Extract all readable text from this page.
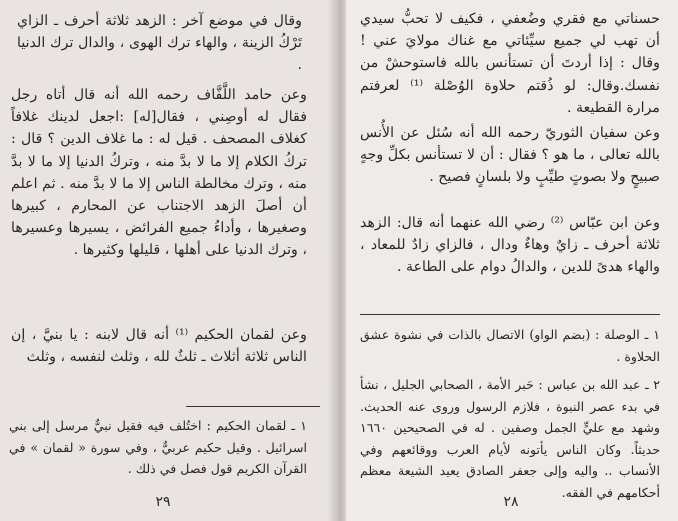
وقال في موضع آخر : الزهد ثلاثة أحرف ـ الزاي تَرْكُ الزينة ، والهاء ترك الهوى ، والدال ترك الدنيا .

وعن حامد اللَّفَّاف رحمه الله أنه قال أتاه رجل فقال له أوصِني ، فقال[له] :اجعل لدينك غلافاً كغلاف المصحف . قيل له : ما غلاف الدين ؟ قال : تركُ الكلام إلا ما لا بدَّ منه ، وتركُ الدنيا إلا ما لا بدَّ منه ، وترك مخالطة الناس إلا ما لا بدَّ منه . ثم اعلم أن أصلَ الزهد الاجتناب عن المحارم ، كبيرها وصغيرها ، وأداءُ جميع الفرائض ، يسيرها وعسيرها ، وترك الدنيا على أهلها ، قليلها وكثيرها .

وعن لقمان الحكيم ⁽¹⁾ أنه قال لابنه : يا بنيَّ ، إن الناس ثلاثة أثلاث ـ ثلثٌ لله ، وثلث لنفسه ، وثلث

١ ـ لقمان الحكيم : اختُلف فيه فقيل نبيٌّ مرسل إلى بني اسرائيل . وقيل حكيم عربيٌّ ، وفي سورة « لقمان » في القرآن الكريم قول فصل في ذلك .

٢٩

حسناتي مع فقري وضُعفي ، فكيف لا تحبُّ سيدي أن تهب لي جميع سيِّئاتي مع غناك مولايَ عني ! وقال : إذا أردتَ أن تستأنس بالله فاستوحشْ من نفسك.وقال: لو ذُقتم حلاوة الوُصْلة ⁽¹⁾ لعرفتم مرارة القطيعة .

وعن سفيان الثوريّ رحمه الله أنه سُئل عن الأُنس بالله تعالى ، ما هو ؟ فقال : أن لا تستأنس بكلِّ وجهٍ صبيحٍ ولا بصوتٍ طيِّبٍ ولا بلسانٍ فصيح .

وعن ابن عبّاس ⁽²⁾ رضي الله عنهما أنه قال: الزهد ثلاثة أحرف ـ زايٌ وهاءٌ ودال ، فالزاي زادٌ للمعاد ، والهاء هدىً للدين ، والدالُ دوام على الطاعة .

١ ـ الوصلة : (بضم الواو) الاتصال بالذات في نشوة عشق الحلاوة .

٢ ـ عبد الله بن عباس : حَبر الأمة ، الصحابي الجليل ، نشأ في بدء عصر النبوة ، فلازم الرسول وروى عنه الحديث. وشهد مع عليٍّ الجمل وصفين . له في الصحيحين ١٦٦٠ حديثاً. وكان الناس يأتونه لأيام العرب ووقائعهم وفي الأنساب .. واليه وإلى جعفر الصادق يعيد الشيعة معظم أحكامهم في الفقه.

٢٨
